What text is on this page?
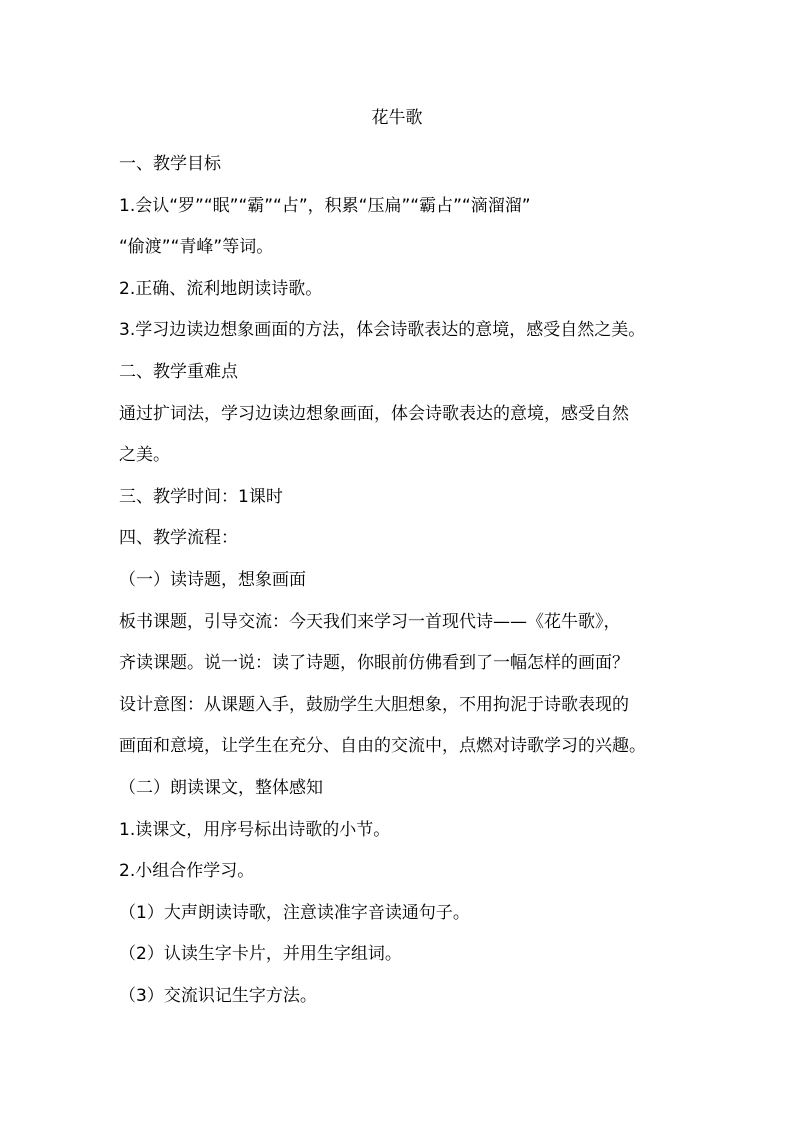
花牛歌

一、教学目标

1.会认“罗”“眠”“霸”“占”，积累“压扁”“霸占”“滴溜溜”

“偷渡”“青峰”等词。

2.正确、流利地朗读诗歌。

3.学习边读边想象画面的方法，体会诗歌表达的意境，感受自然之美。

二、教学重难点

通过扩词法，学习边读边想象画面，体会诗歌表达的意境，感受自然

之美。

三、教学时间：1课时

四、教学流程：

（一）读诗题，想象画面

板书课题，引导交流：今天我们来学习一首现代诗——《花牛歌》，

齐读课题。说一说：读了诗题，你眼前仿佛看到了一幅怎样的画面？

设计意图：从课题入手，鼓励学生大胆想象，不用拘泥于诗歌表现的

画面和意境，让学生在充分、自由的交流中，点燃对诗歌学习的兴趣。

（二）朗读课文，整体感知

1.读课文，用序号标出诗歌的小节。

2.小组合作学习。

（1）大声朗读诗歌，注意读准字音读通句子。

（2）认读生字卡片，并用生字组词。

（3）交流识记生字方法。
